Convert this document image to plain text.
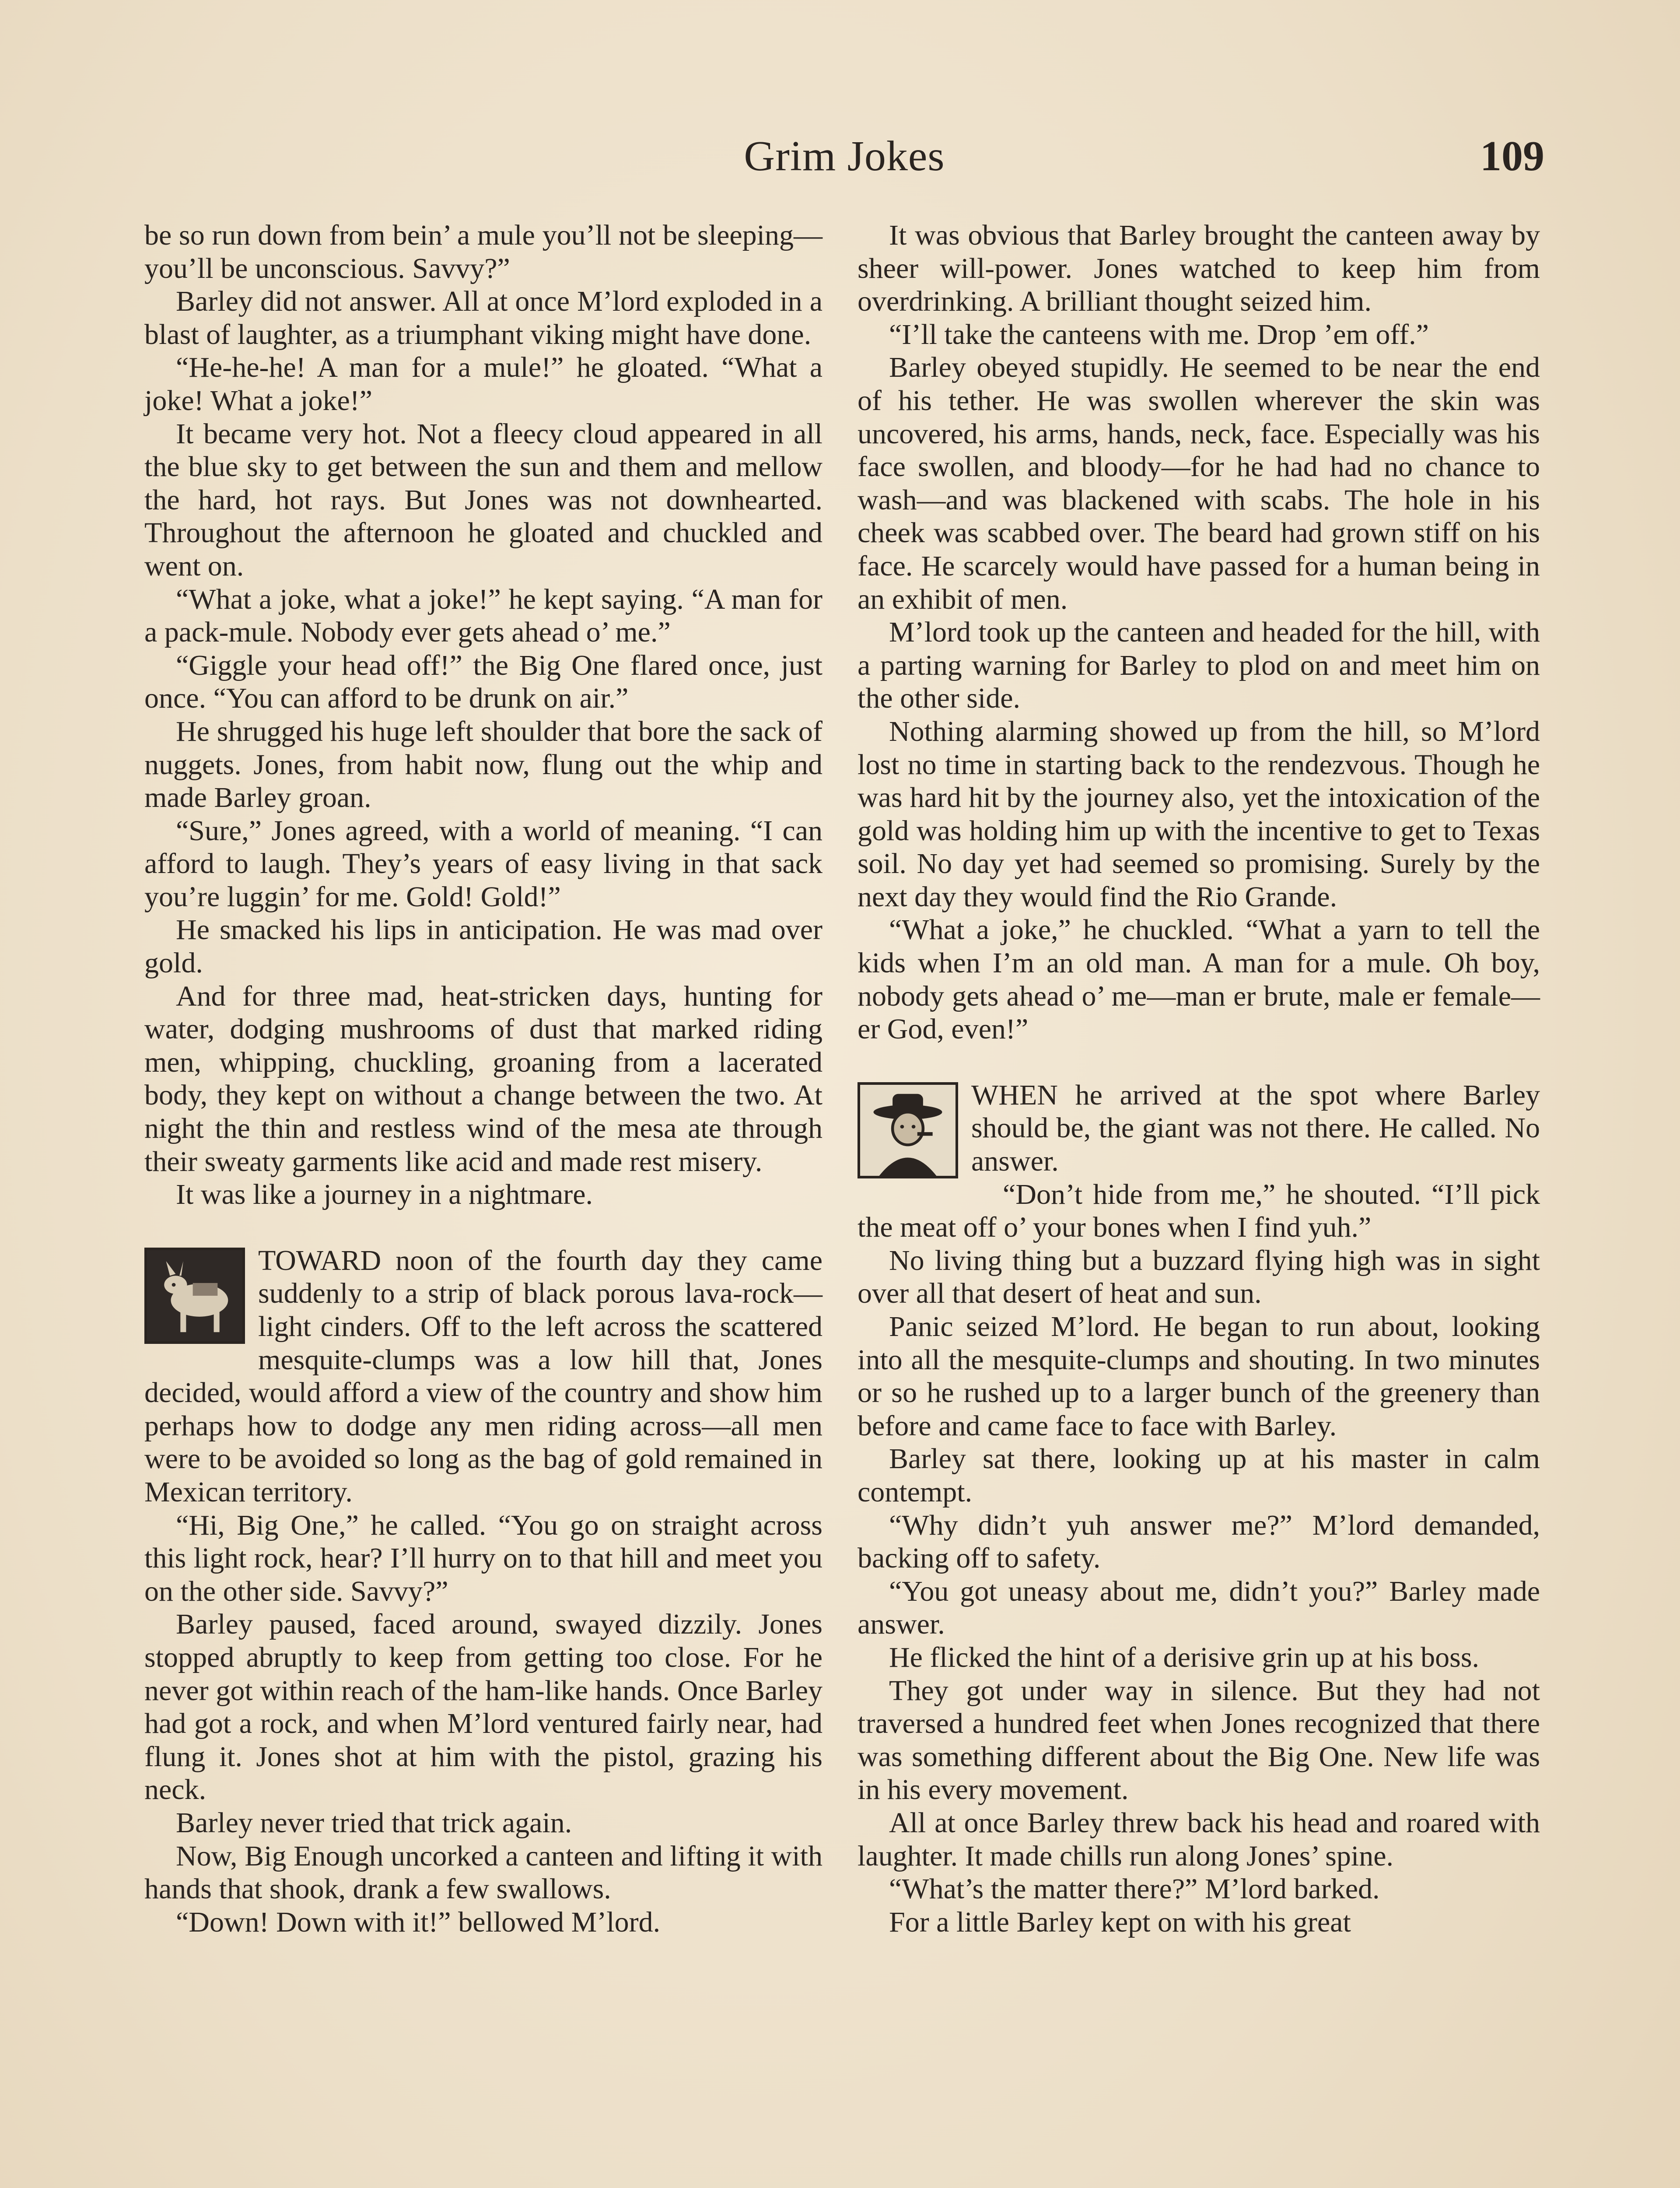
Grim Jokes	109

be so run down from bein’ a mule you’ll not be sleeping—you’ll be unconscious. Savvy?”

Barley did not answer. All at once M’lord exploded in a blast of laughter, as a triumphant viking might have done.

“He-he-he! A man for a mule!” he gloated. “What a joke! What a joke!”

It became very hot. Not a fleecy cloud appeared in all the blue sky to get between the sun and them and mellow the hard, hot rays. But Jones was not downhearted. Throughout the afternoon he gloated and chuckled and went on.

“What a joke, what a joke!” he kept saying. “A man for a pack-mule. Nobody ever gets ahead o’ me.”

“Giggle your head off!” the Big One flared once, just once. “You can afford to be drunk on air.”

He shrugged his huge left shoulder that bore the sack of nuggets. Jones, from habit now, flung out the whip and made Barley groan.

“Sure,” Jones agreed, with a world of meaning. “I can afford to laugh. They’s years of easy living in that sack you’re luggin’ for me. Gold! Gold!”

He smacked his lips in anticipation. He was mad over gold.

And for three mad, heat-stricken days, hunting for water, dodging mushrooms of dust that marked riding men, whipping, chuckling, groaning from a lacerated body, they kept on without a change between the two. At night the thin and restless wind of the mesa ate through their sweaty garments like acid and made rest misery.

It was like a journey in a nightmare.

TOWARD noon of the fourth day they came suddenly to a strip of black porous lava-rock—light cinders. Off to the left across the scattered mesquite-clumps was a low hill that, Jones decided, would afford a view of the country and show him perhaps how to dodge any men riding across—all men were to be avoided so long as the bag of gold remained in Mexican territory.

“Hi, Big One,” he called. “You go on straight across this light rock, hear? I’ll hurry on to that hill and meet you on the other side. Savvy?”

Barley paused, faced around, swayed dizzily. Jones stopped abruptly to keep from getting too close. For he never got within reach of the ham-like hands. Once Barley had got a rock, and when M’lord ventured fairly near, had flung it. Jones shot at him with the pistol, grazing his neck.

Barley never tried that trick again.

Now, Big Enough uncorked a canteen and lifting it with hands that shook, drank a few swallows.

“Down! Down with it!” bellowed M’lord.

It was obvious that Barley brought the canteen away by sheer will-power. Jones watched to keep him from overdrinking. A brilliant thought seized him.

“I’ll take the canteens with me. Drop ’em off.”

Barley obeyed stupidly. He seemed to be near the end of his tether. He was swollen wherever the skin was uncovered, his arms, hands, neck, face. Especially was his face swollen, and bloody—for he had had no chance to wash—and was blackened with scabs. The hole in his cheek was scabbed over. The beard had grown stiff on his face. He scarcely would have passed for a human being in an exhibit of men.

M’lord took up the canteen and headed for the hill, with a parting warning for Barley to plod on and meet him on the other side.

Nothing alarming showed up from the hill, so M’lord lost no time in starting back to the rendezvous. Though he was hard hit by the journey also, yet the intoxication of the gold was holding him up with the incentive to get to Texas soil. No day yet had seemed so promising. Surely by the next day they would find the Rio Grande.

“What a joke,” he chuckled. “What a yarn to tell the kids when I’m an old man. A man for a mule. Oh boy, nobody gets ahead o’ me—man er brute, male er female—er God, even!”

WHEN he arrived at the spot where Barley should be, the giant was not there. He called. No answer.

“Don’t hide from me,” he shouted. “I’ll pick the meat off o’ your bones when I find yuh.”

No living thing but a buzzard flying high was in sight over all that desert of heat and sun.

Panic seized M’lord. He began to run about, looking into all the mesquite-clumps and shouting. In two minutes or so he rushed up to a larger bunch of the greenery than before and came face to face with Barley.

Barley sat there, looking up at his master in calm contempt.

“Why didn’t yuh answer me?” M’lord demanded, backing off to safety.

“You got uneasy about me, didn’t you?” Barley made answer.

He flicked the hint of a derisive grin up at his boss.

They got under way in silence. But they had not traversed a hundred feet when Jones recognized that there was something different about the Big One. New life was in his every movement.

All at once Barley threw back his head and roared with laughter. It made chills run along Jones’ spine.

“What’s the matter there?” M’lord barked.

For a little Barley kept on with his great
